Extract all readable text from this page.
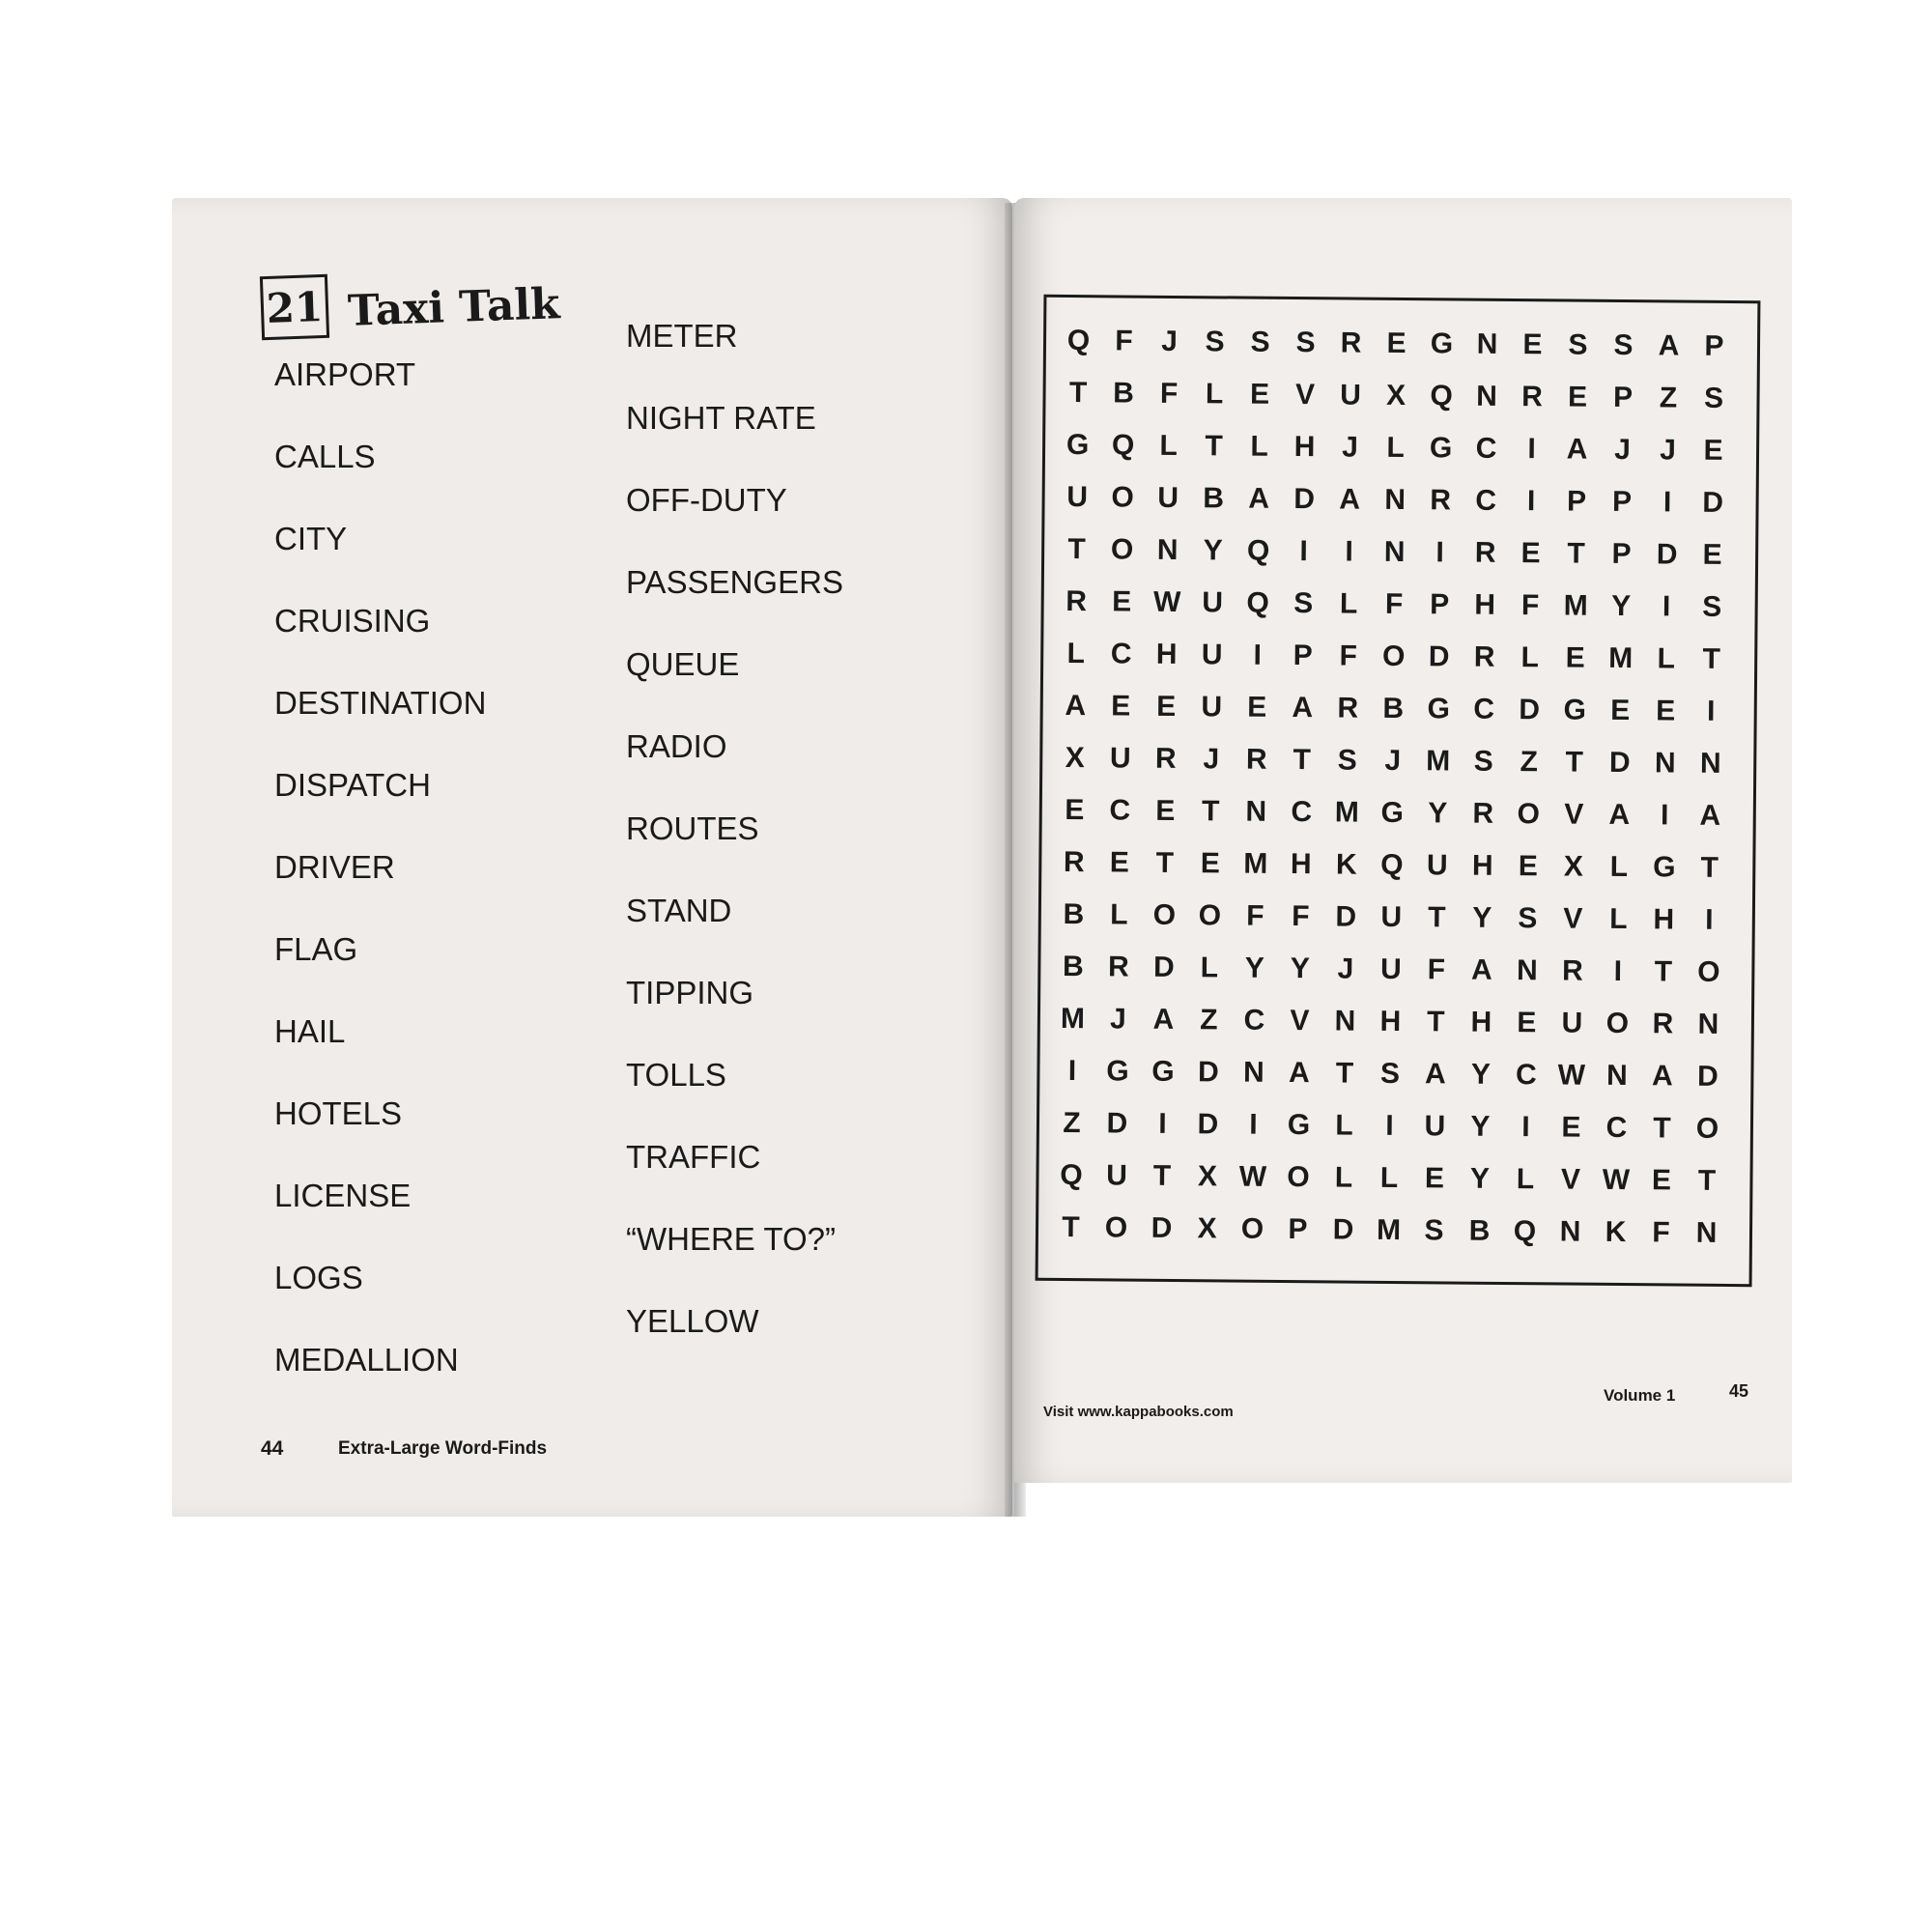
21 Taxi Talk
AIRPORT
CALLS
CITY
CRUISING
DESTINATION
DISPATCH
DRIVER
FLAG
HAIL
HOTELS
LICENSE
LOGS
MEDALLION
METER
NIGHT RATE
OFF-DUTY
PASSENGERS
QUEUE
RADIO
ROUTES
STAND
TIPPING
TOLLS
TRAFFIC
“WHERE TO?”
YELLOW
44	Extra-Large Word-Finds
Q F J S S S R E G N E S S A P
T B F L E V U X Q N R E P Z S
G Q L T L H J L G C	I	A J	J E
U O U B A D A N R C	I	P P	I	D
T O N Y Q	I	I	N	I	R E T P D E
R E W U Q S L F P H F M Y	I	S
L C H U	I	P F O D R L E M L T
A E E U E A R B G C D G E E	I
X U R J R T S J M S Z T D N N
E C E T N C M G Y R O V A	I	A
R E T E M H K Q U H E X L G T
B L O O F F D U T Y S V L H	I
B R D L Y Y J U F A N R	I	T O
M J A Z C V N H T H E U O R N
I	G G D N A T S A Y C W N A D
Z D	I	D	I	G L	I	U Y	I	E C T O
Q U T X W O L L E Y L V W E T
T O D X O P D M S B Q N K F N
Visit www.kappabooks.com
Volume 1	45
